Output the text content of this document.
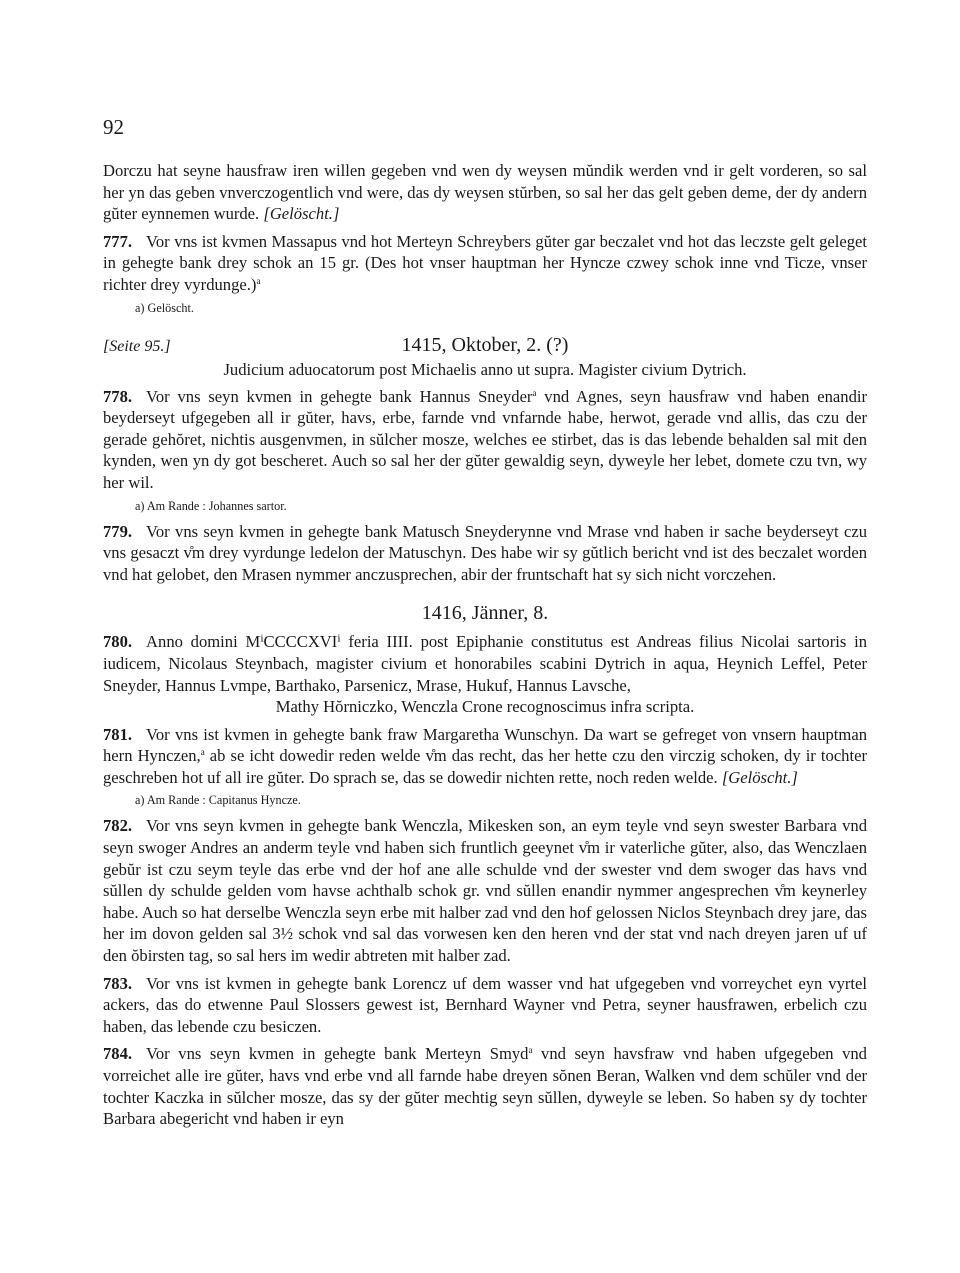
92

Dorczu hat seyne hausfraw iren willen gegeben vnd wen dy weysen mŭndik werden vnd ir gelt vorderen, so sal her yn das geben vnverczogentlich vnd were, das dy weysen stŭrben, so sal her das gelt geben deme, der dy andern gŭter eynnemen wurde. [Gelöscht.]

777. Vor vns ist kvmen Massapus vnd hot Merteyn Schreybers gŭter gar beczalet vnd hot das leczste gelt geleget in gehegte bank drey schok an 15 gr. (Des hot vnser hauptman her Hyncze czwey schok inne vnd Ticze, vnser richter drey vyrdunge.)$^a$

a) Gelöscht.

[Seite 95.]	1415, Oktober, 2. (?)
Judicium aduocatorum post Michaelis anno ut supra. Magister civium Dytrich.

778. Vor vns seyn kvmen in gehegte bank Hannus Sneyder$^a$ vnd Agnes, seyn hausfraw vnd haben enandir beyderseyt ufgegeben all ir gŭter, havs, erbe, farnde vnd vnfarnde habe, herwot, gerade vnd allis, das czu der gerade gehŏret, nichtis ausgenvmen, in sŭlcher mosze, welches ee stirbet, das is das lebende behalden sal mit den kynden, wen yn dy got bescheret. Auch so sal her der gŭter gewaldig seyn, dyweyle her lebet, domete czu tvn, wy her wil.

a) Am Rande : Johannes sartor.

779. Vor vns seyn kvmen in gehegte bank Matusch Sneyderynne vnd Mrase vnd haben ir sache beyderseyt czu vns gesaczt v̊m drey vyrdunge ledelon der Matuschyn. Des habe wir sy gŭtlich bericht vnd ist des beczalet worden vnd hat gelobet, den Mrasen nymmer anczusprechen, abir der fruntschaft hat sy sich nicht vorczehen.

1416, Jänner, 8.

780. Anno domini MⁱCCCCXVIⁱ feria IIII. post Epiphanie constitutus est Andreas filius Nicolai sartoris in iudicem, Nicolaus Steynbach, magister civium et honorabiles scabini Dytrich in aqua, Heynich Leffel, Peter Sneyder, Hannus Lvmpe, Barthako, Parsenicz, Mrase, Hukuf, Hannus Lavsche,

Mathy Hŏrniczko, Wenczla Crone recognoscimus infra scripta.

781. Vor vns ist kvmen in gehegte bank fraw Margaretha Wunschyn. Da wart se gefreget von vnsern hauptman hern Hynczen,$^a$ ab se icht dowedir reden welde v̊m das recht, das her hette czu den virczig schoken, dy ir tochter geschreben hot uf all ire gŭter. Do sprach se, das se dowedir nichten rette, noch reden welde. [Gelöscht.]

a) Am Rande : Capitanus Hyncze.

782. Vor vns seyn kvmen in gehegte bank Wenczla, Mikesken son, an eym teyle vnd seyn swester Barbara vnd seyn swoger Andres an anderm teyle vnd haben sich fruntlich geeynet v̊m ir vaterliche gŭter, also, das Wenczlaen gebŭr ist czu seym teyle das erbe vnd der hof ane alle schulde vnd der swester vnd dem swoger das havs vnd sŭllen dy schulde gelden vom havse achthalb schok gr. vnd sŭllen enandir nymmer angesprechen v̊m keynerley habe. Auch so hat derselbe Wenczla seyn erbe mit halber zad vnd den hof gelossen Niclos Steynbach drey jare, das her im dovon gelden sal 3½ schok vnd sal das vorwesen ken den heren vnd der stat vnd nach dreyen jaren uf uf den ŏbirsten tag, so sal hers im wedir abtreten mit halber zad.

783. Vor vns ist kvmen in gehegte bank Lorencz uf dem wasser vnd hat ufgegeben vnd vorreychet eyn vyrtel ackers, das do etwenne Paul Slossers gewest ist, Bernhard Wayner vnd Petra, seyner hausfrawen, erbelich czu haben, das lebende czu besiczen.

784. Vor vns seyn kvmen in gehegte bank Merteyn Smyd$^a$ vnd seyn havsfraw vnd haben ufgegeben vnd vorreichet alle ire gŭter, havs vnd erbe vnd all farnde habe dreyen sŏnen Beran, Walken vnd dem schŭler vnd der tochter Kaczka in sŭlcher mosze, das sy der gŭter mechtig seyn sŭllen, dyweyle se leben. So haben sy dy tochter Barbara abegericht vnd haben ir eyn
